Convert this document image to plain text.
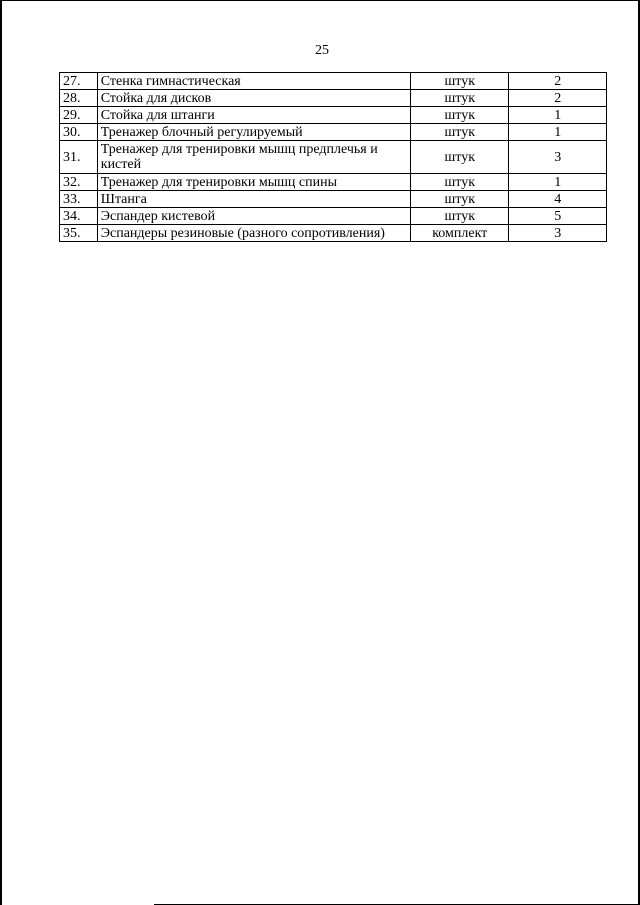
25
27.	Стенка гимнастическая	штук	2
28.	Стойка для дисков	штук	2
29.	Стойка для штанги	штук	1
30.	Тренажер блочный регулируемый	штук	1
31.	Тренажер для тренировки мышц предплечья и кистей	штук	3
32.	Тренажер для тренировки мышц спины	штук	1
33.	Штанга	штук	4
34.	Эспандер кистевой	штук	5
35.	Эспандеры резиновые (разного сопротивления)	комплект	3
